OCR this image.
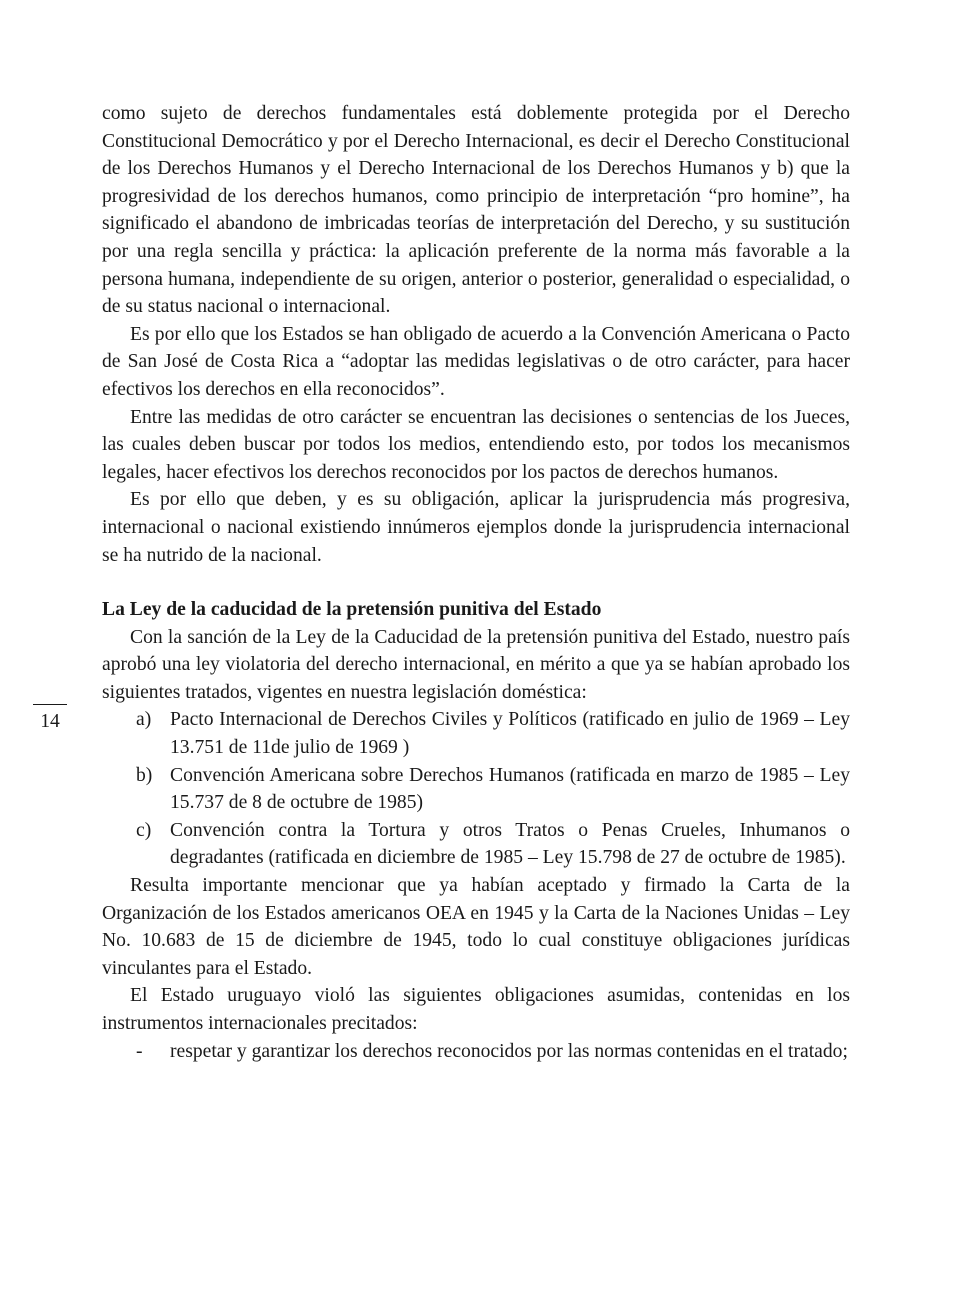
14

como sujeto de derechos fundamentales está doblemente protegida por el Derecho Constitucional Democrático y por el Derecho Internacional, es decir el Derecho Constitucional de los Derechos Humanos y el Derecho Internacional de los Derechos Humanos y b) que la progresividad de los derechos humanos, como principio de interpretación “pro homine”, ha significado el abandono de imbricadas teorías de interpretación del Derecho, y su sustitución por una regla sencilla y práctica: la aplicación preferente de la norma más favorable a la persona humana, independiente de su origen, anterior o posterior, generalidad o especialidad, o de su status nacional o internacional.

Es por ello que los Estados se han obligado de acuerdo a la Convención Americana o Pacto de San José de Costa Rica a “adoptar las medidas legislativas o de otro carácter, para hacer efectivos los derechos en ella reconocidos”.

Entre las medidas de otro carácter se encuentran las decisiones o sentencias de los Jueces, las cuales deben buscar por todos los medios, entendiendo esto, por todos los mecanismos legales, hacer efectivos los derechos reconocidos por los pactos de derechos humanos.

Es por ello que deben, y es su obligación, aplicar la jurisprudencia más progresiva, internacional o nacional existiendo innúmeros ejemplos donde la jurisprudencia internacional se ha nutrido de la nacional.

La Ley de la caducidad de la pretensión punitiva del Estado

Con la sanción de la Ley de la Caducidad de la pretensión punitiva del Estado, nuestro país aprobó una ley violatoria del derecho internacional, en mérito a que ya se habían aprobado los siguientes tratados, vigentes en nuestra legislación doméstica:

a) Pacto Internacional de Derechos Civiles y Políticos (ratificado en julio de 1969 – Ley 13.751 de 11de julio de 1969 )
b) Convención Americana sobre Derechos Humanos (ratificada en marzo de 1985 – Ley 15.737 de 8 de octubre de 1985)
c) Convención contra la Tortura y otros Tratos o Penas Crueles, Inhumanos o degradantes (ratificada en diciembre de 1985 – Ley 15.798 de 27 de octubre de 1985).

Resulta importante mencionar que ya habían aceptado y firmado la Carta de la Organización de los Estados americanos OEA en 1945 y la Carta de la Naciones Unidas – Ley No. 10.683 de 15 de diciembre de 1945, todo lo cual constituye obligaciones jurídicas vinculantes para el Estado.

El Estado uruguayo violó las siguientes obligaciones asumidas, contenidas en los instrumentos internacionales precitados:

-	respetar y garantizar los derechos reconocidos por las normas contenidas en el tratado;
